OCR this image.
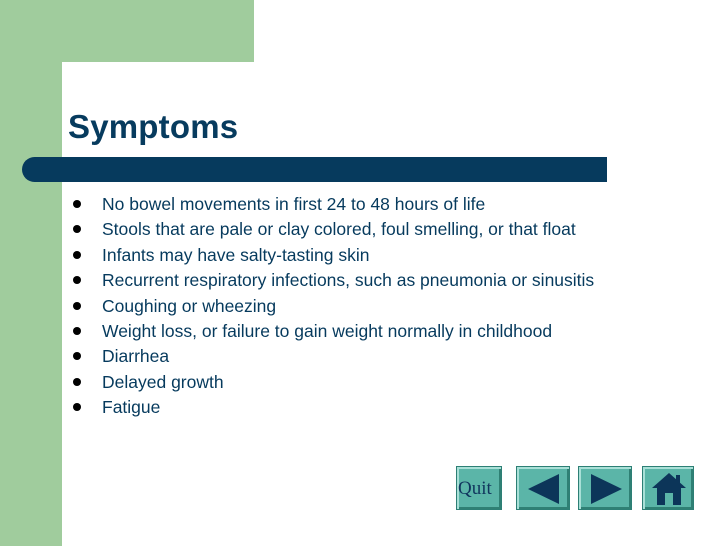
Symptoms
No bowel movements in first 24 to 48 hours of life
Stools that are pale or clay colored, foul smelling, or that float
Infants may have salty-tasting skin
Recurrent respiratory infections, such as pneumonia or sinusitis
Coughing or wheezing
Weight loss, or failure to gain weight normally in childhood
Diarrhea
Delayed growth
Fatigue
Quit
